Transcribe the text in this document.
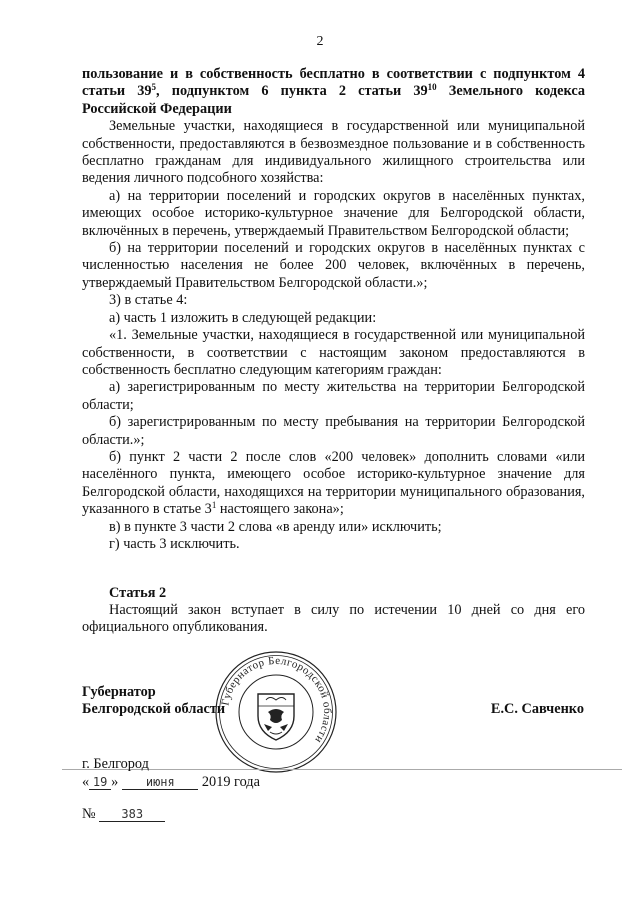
2

пользование и в собственность бесплатно в соответствии с подпунктом 4 статьи $39^5$, подпунктом 6 пункта 2 статьи $39^{10}$ Земельного кодекса Российской Федерации

Земельные участки, находящиеся в государственной или муниципальной собственности, предоставляются в безвозмездное пользование и в собственность бесплатно гражданам для индивидуального жилищного строительства или ведения личного подсобного хозяйства:

а) на территории поселений и городских округов в населённых пунктах, имеющих особое историко-культурное значение для Белгородской области, включённых в перечень, утверждаемый Правительством Белгородской области;

б) на территории поселений и городских округов в населённых пунктах с численностью населения не более 200 человек, включённых в перечень, утверждаемый Правительством Белгородской области.»;

3) в статье 4:

а) часть 1 изложить в следующей редакции:

«1. Земельные участки, находящиеся в государственной или муниципальной собственности, в соответствии с настоящим законом предоставляются в собственность бесплатно следующим категориям граждан:

а) зарегистрированным по месту жительства на территории Белгородской области;

б) зарегистрированным по месту пребывания на территории Белгородской области.»;

б) пункт 2 части 2 после слов «200 человек» дополнить словами «или населённого пункта, имеющего особое историко-культурное значение для Белгородской области, находящихся на территории муниципального образования, указанного в статье $3^1$ настоящего закона»;

в) в пункте 3 части 2 слова «в аренду или» исключить;

г) часть 3 исключить.

Статья 2

Настоящий закон вступает в силу по истечении 10 дней со дня его официального опубликования.

Губернатор
Белгородской области
Губернатор Белгородской области
Е.С. Савченко
г. Белгород
« 19 » июня 2019 года
№ 383
